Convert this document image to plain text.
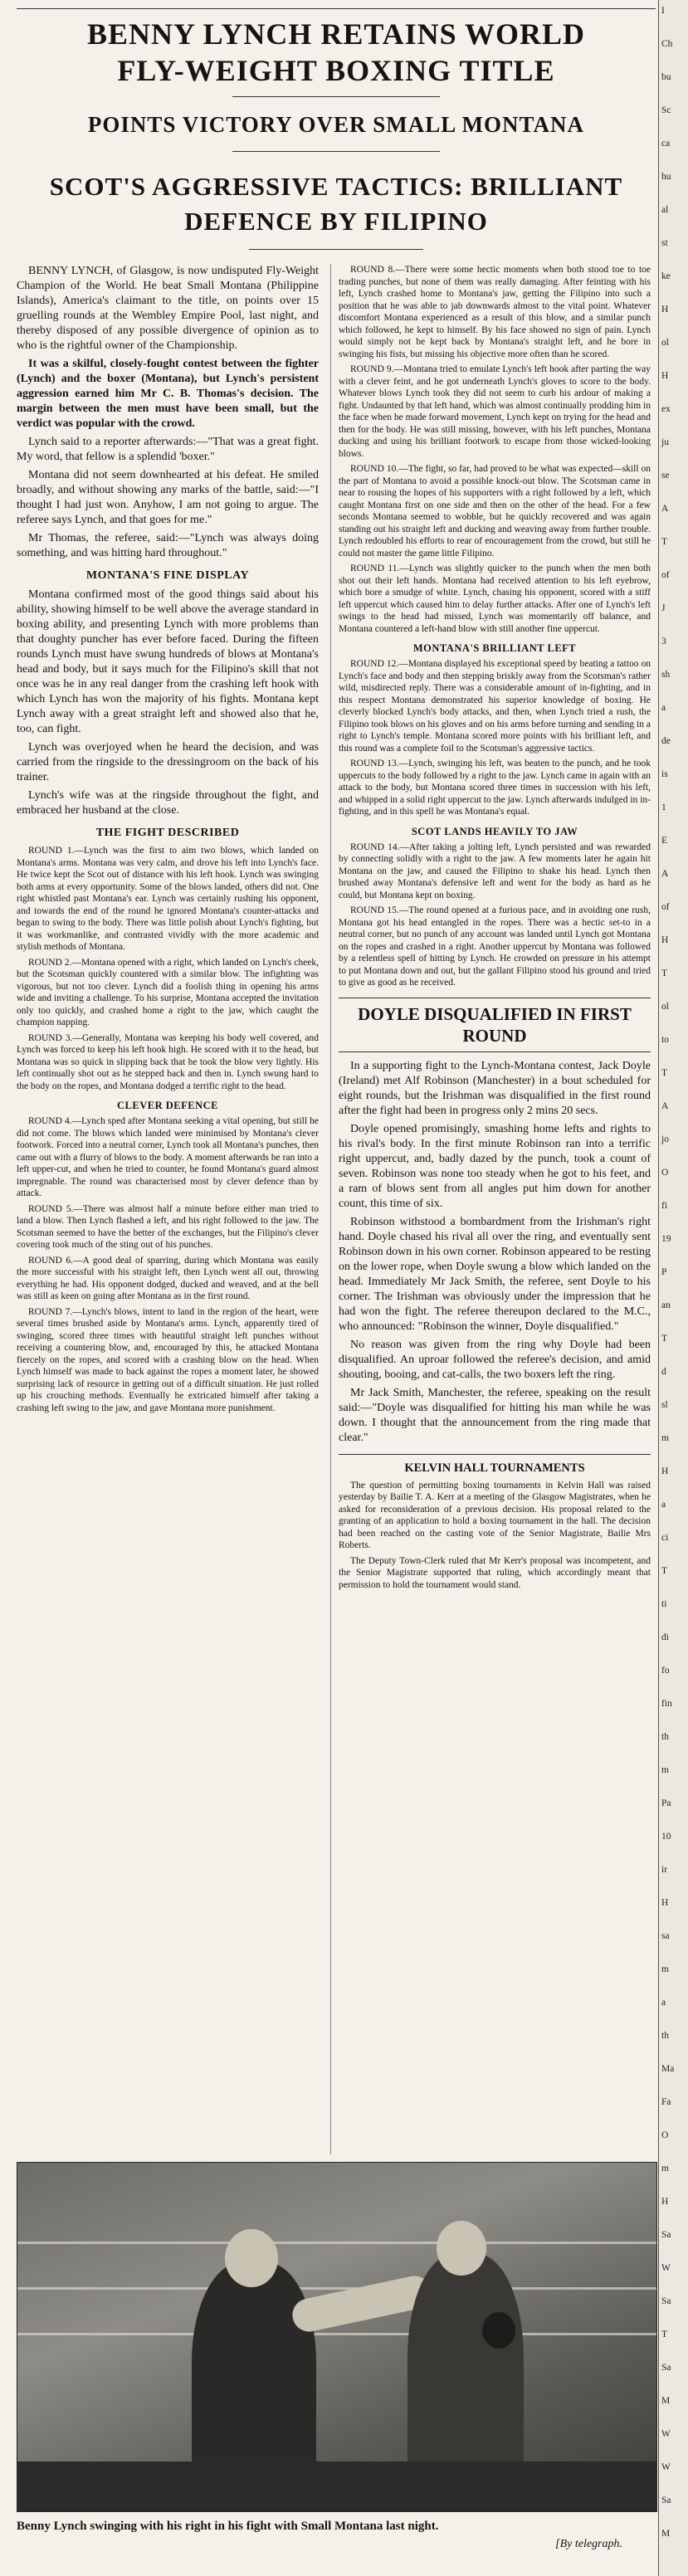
BENNY LYNCH RETAINS WORLD
FLY-WEIGHT BOXING TITLE
POINTS VICTORY OVER SMALL MONTANA
SCOT'S AGGRESSIVE TACTICS: BRILLIANT
DEFENCE BY FILIPINO

BENNY LYNCH, of Glasgow, is now undisputed Fly-Weight Champion of the World. He beat Small Montana (Philippine Islands), America's claimant to the title, on points over 15 gruelling rounds at the Wembley Empire Pool, last night, and thereby disposed of any possible divergence of opinion as to who is the rightful owner of the Championship.

It was a skilful, closely-fought contest between the fighter (Lynch) and the boxer (Montana), but Lynch's persistent aggression earned him Mr C. B. Thomas's decision. The margin between the men must have been small, but the verdict was popular with the crowd.

Lynch said to a reporter afterwards:—"That was a great fight. My word, that fellow is a splendid 'boxer."

Montana did not seem downhearted at his defeat. He smiled broadly, and without showing any marks of the battle, said:—"I thought I had just won. Anyhow, I am not going to argue. The referee says Lynch, and that goes for me."

Mr Thomas, the referee, said:—"Lynch was always doing something, and was hitting hard throughout."

MONTANA'S FINE DISPLAY

Montana confirmed most of the good things said about his ability, showing himself to be well above the average standard in boxing ability, and presenting Lynch with more problems than that doughty puncher has ever before faced. During the fifteen rounds Lynch must have swung hundreds of blows at Montana's head and body, but it says much for the Filipino's skill that not once was he in any real danger from the crashing left hook with which Lynch has won the majority of his fights. Montana kept Lynch away with a great straight left and showed also that he, too, can fight.

Lynch was overjoyed when he heard the decision, and was carried from the ringside to the dressingroom on the back of his trainer.

Lynch's wife was at the ringside throughout the fight, and embraced her husband at the close.

THE FIGHT DESCRIBED

ROUND 1.—Lynch was the first to aim two blows, which landed on Montana's arms. Montana was very calm, and drove his left into Lynch's face. He twice kept the Scot out of distance with his left hook. Lynch was swinging both arms at every opportunity. Some of the blows landed, others did not. One right whistled past Montana's ear. Lynch was certainly rushing his opponent, and towards the end of the round he ignored Montana's counter-attacks and began to swing to the body. There was little polish about Lynch's fighting, but it was workmanlike, and contrasted vividly with the more academic and stylish methods of Montana.

ROUND 2.—Montana opened with a right, which landed on Lynch's cheek, but the Scotsman quickly countered with a similar blow. The infighting was vigorous, but not too clever. Lynch did a foolish thing in opening his arms wide and inviting a challenge. To his surprise, Montana accepted the invitation only too quickly, and crashed home a right to the jaw, which caught the champion napping.

ROUND 3.—Generally, Montana was keeping his body well covered, and Lynch was forced to keep his left hook high. He scored with it to the head, but Montana was so quick in slipping back that he took the blow very lightly. His left continually shot out as he stepped back and then in. Lynch swung hard to the body on the ropes, and Montana dodged a terrific right to the head.

CLEVER DEFENCE

ROUND 4.—Lynch sped after Montana seeking a vital opening, but still he did not come. The blows which landed were minimised by Montana's clever footwork. Forced into a neutral corner, Lynch took all Montana's punches, then came out with a flurry of blows to the body. A moment afterwards he ran into a left upper-cut, and when he tried to counter, he found Montana's guard almost impregnable. The round was characterised most by clever defence than by attack.

ROUND 5.—There was almost half a minute before either man tried to land a blow. Then Lynch flashed a left, and his right followed to the jaw. The Scotsman seemed to have the better of the exchanges, but the Filipino's clever covering took much of the sting out of his punches.

ROUND 6.—A good deal of sparring, during which Montana was easily the more successful with his straight left, then Lynch went all out, throwing everything he had. His opponent dodged, ducked and weaved, and at the bell was still as keen on going after Montana as in the first round.

ROUND 7.—Lynch's blows, intent to land in the region of the heart, were several times brushed aside by Montana's arms. Lynch, apparently tired of swinging, scored three times with beautiful straight left punches without receiving a countering blow, and, encouraged by this, he attacked Montana fiercely on the ropes, and scored with a crashing blow on the head. When Lynch himself was made to back against the ropes a moment later, he showed surprising lack of resource in getting out of a difficult situation. He just rolled up his crouching methods. Eventually he extricated himself after taking a crashing left swing to the jaw, and gave Montana more punishment.

ROUND 8.—There were some hectic moments when both stood toe to toe trading punches, but none of them was really damaging. After feinting with his left, Lynch crashed home to Montana's jaw, getting the Filipino into such a position that he was able to jab downwards almost to the vital point. Whatever discomfort Montana experienced as a result of this blow, and a similar punch which followed, he kept to himself. By his face showed no sign of pain. Lynch would simply not be kept back by Montana's straight left, and he bore in swinging his fists, but missing his objective more often than he scored.

ROUND 9.—Montana tried to emulate Lynch's left hook after parting the way with a clever feint, and he got underneath Lynch's gloves to score to the body. Whatever blows Lynch took they did not seem to curb his ardour of making a fight. Undaunted by that left hand, which was almost continually prodding him in the face when he made forward movement, Lynch kept on trying for the head and then for the body. He was still missing, however, with his left punches, Montana ducking and using his brilliant footwork to escape from those wicked-looking blows.

ROUND 10.—The fight, so far, had proved to be what was expected—skill on the part of Montana to avoid a possible knock-out blow. The Scotsman came in near to rousing the hopes of his supporters with a right followed by a left, which caught Montana first on one side and then on the other of the head. For a few seconds Montana seemed to wobble, but he quickly recovered and was again standing out his straight left and ducking and weaving away from further trouble. Lynch redoubled his efforts to rear of encouragement from the crowd, but still he could not master the game little Filipino.

ROUND 11.—Lynch was slightly quicker to the punch when the men both shot out their left hands. Montana had received attention to his left eyebrow, which bore a smudge of white. Lynch, chasing his opponent, scored with a stiff left uppercut which caused him to delay further attacks. After one of Lynch's left swings to the head had missed, Lynch was momentarily off balance, and Montana countered a left-hand blow with still another fine uppercut.

MONTANA'S BRILLIANT LEFT

ROUND 12.—Montana displayed his exceptional speed by beating a tattoo on Lynch's face and body and then stepping briskly away from the Scotsman's rather wild, misdirected reply. There was a considerable amount of in-fighting, and in this respect Montana demonstrated his superior knowledge of boxing. He cleverly blocked Lynch's body attacks, and then, when Lynch tried a rush, the Filipino took blows on his gloves and on his arms before turning and sending in a right to Lynch's temple. Montana scored more points with his brilliant left, and this round was a complete foil to the Scotsman's aggressive tactics.

ROUND 13.—Lynch, swinging his left, was beaten to the punch, and he took uppercuts to the body followed by a right to the jaw. Lynch came in again with an attack to the body, but Montana scored three times in succession with his left, and whipped in a solid right uppercut to the jaw. Lynch afterwards indulged in in-fighting, and in this spell he was Montana's equal.

SCOT LANDS HEAVILY TO JAW

ROUND 14.—After taking a jolting left, Lynch persisted and was rewarded by connecting solidly with a right to the jaw. A few moments later he again hit Montana on the jaw, and caused the Filipino to shake his head. Lynch then brushed away Montana's defensive left and went for the body as hard as he could, but Montana kept on boxing.

ROUND 15.—The round opened at a furious pace, and in avoiding one rush, Montana got his head entangled in the ropes. There was a hectic set-to in a neutral corner, but no punch of any account was landed until Lynch got Montana on the ropes and crashed in a right. Another uppercut by Montana was followed by a relentless spell of hitting by Lynch. He crowded on pressure in his attempt to put Montana down and out, but the gallant Filipino stood his ground and tried to give as good as he received.

DOYLE DISQUALIFIED IN FIRST
ROUND

In a supporting fight to the Lynch-Montana contest, Jack Doyle (Ireland) met Alf Robinson (Manchester) in a bout scheduled for eight rounds, but the Irishman was disqualified in the first round after the fight had been in progress only 2 mins 20 secs.

Doyle opened promisingly, smashing home lefts and rights to his rival's body. In the first minute Robinson ran into a terrific right uppercut, and, badly dazed by the punch, took a count of seven. Robinson was none too steady when he got to his feet, and a ram of blows sent from all angles put him down for another count, this time of six.

Robinson withstood a bombardment from the Irishman's right hand. Doyle chased his rival all over the ring, and eventually sent Robinson down in his own corner. Robinson appeared to be resting on the lower rope, when Doyle swung a blow which landed on the head. Immediately Mr Jack Smith, the referee, sent Doyle to his corner. The Irishman was obviously under the impression that he had won the fight. The referee thereupon declared to the M.C., who announced: "Robinson the winner, Doyle disqualified."

No reason was given from the ring why Doyle had been disqualified. An uproar followed the referee's decision, and amid shouting, booing, and cat-calls, the two boxers left the ring.

Mr Jack Smith, Manchester, the referee, speaking on the result said:—"Doyle was disqualified for hitting his man while he was down. I thought that the announcement from the ring made that clear."

KELVIN HALL TOURNAMENTS

The question of permitting boxing tournaments in Kelvin Hall was raised yesterday by Bailie T. A. Kerr at a meeting of the Glasgow Magistrates, when he asked for reconsideration of a previous decision. His proposal related to the granting of an application to hold a boxing tournament in the hall. The decision had been reached on the casting vote of the Senior Magistrate, Bailie Mrs Roberts.

The Deputy Town-Clerk ruled that Mr Kerr's proposal was incompetent, and the Senior Magistrate supported that ruling, which accordingly meant that permission to hold the tournament would stand.

Benny Lynch swinging with his right in his fight with Small Montana last night.
[By telegraph.
I
Ch
bu
Sc
ca
hu
al
st
ke
H
ol
H
ex
ju
se
A
T
of
J
3
sh
a
de
is
1
E
A
of
H
T
ol
to
T
A
jo
O
fi
19
P
an
T
d
sl
m
H
a
ci
T
ti
di
fo
fin
th
m
Pa
10
ir
H
sa
m
a
th
Ma
Fa
O
m
H
Sa
W
Sa
T
Sa
M
W
W
Sa
M
